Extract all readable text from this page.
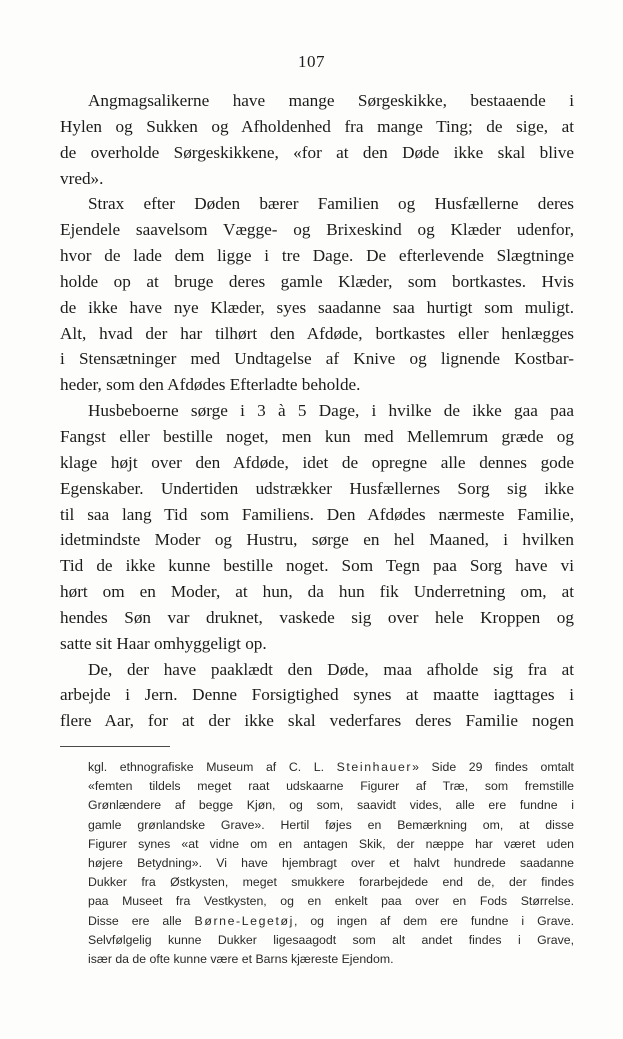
107
Angmagsalikerne have mange Sørgeskikke, bestaaende i
Hylen og Sukken og Afholdenhed fra mange Ting; de sige, at
de overholde Sørgeskikkene, «for at den Døde ikke skal blive
vred».
Strax efter Døden bærer Familien og Husfællerne deres
Ejendele saavelsom Vægge- og Brixeskind og Klæder udenfor,
hvor de lade dem ligge i tre Dage. De efterlevende Slægtninge
holde op at bruge deres gamle Klæder, som bortkastes. Hvis
de ikke have nye Klæder, syes saadanne saa hurtigt som muligt.
Alt, hvad der har tilhørt den Afdøde, bortkastes eller henlægges
i Stensætninger med Undtagelse af Knive og lignende Kostbar-
heder, som den Afdødes Efterladte beholde.
Husbeboerne sørge i 3 à 5 Dage, i hvilke de ikke gaa paa
Fangst eller bestille noget, men kun med Mellemrum græde og
klage højt over den Afdøde, idet de opregne alle dennes gode
Egenskaber. Undertiden udstrækker Husfællernes Sorg sig ikke
til saa lang Tid som Familiens. Den Afdødes nærmeste Familie,
idetmindste Moder og Hustru, sørge en hel Maaned, i hvilken
Tid de ikke kunne bestille noget. Som Tegn paa Sorg have vi
hørt om en Moder, at hun, da hun fik Underretning om, at
hendes Søn var druknet, vaskede sig over hele Kroppen og
satte sit Haar omhyggeligt op.
De, der have paaklædt den Døde, maa afholde sig fra at
arbejde i Jern. Denne Forsigtighed synes at maatte iagttages i
flere Aar, for at der ikke skal vederfares deres Familie nogen
kgl. ethnografiske Museum af C. L. Steinhauer» Side 29 findes omtalt
«femten tildels meget raat udskaarne Figurer af Træ, som fremstille
Grønlændere af begge Kjøn, og som, saavidt vides, alle ere fundne i
gamle grønlandske Grave». Hertil føjes en Bemærkning om, at disse
Figurer synes «at vidne om en antagen Skik, der næppe har været uden
højere Betydning». Vi have hjembragt over et halvt hundrede saadanne
Dukker fra Østkysten, meget smukkere forarbejdede end de, der findes
paa Museet fra Vestkysten, og en enkelt paa over en Fods Størrelse.
Disse ere alle Børne-Legetøj, og ingen af dem ere fundne i Grave.
Selvfølgelig kunne Dukker ligesaagodt som alt andet findes i Grave,
især da de ofte kunne være et Barns kjæreste Ejendom.
